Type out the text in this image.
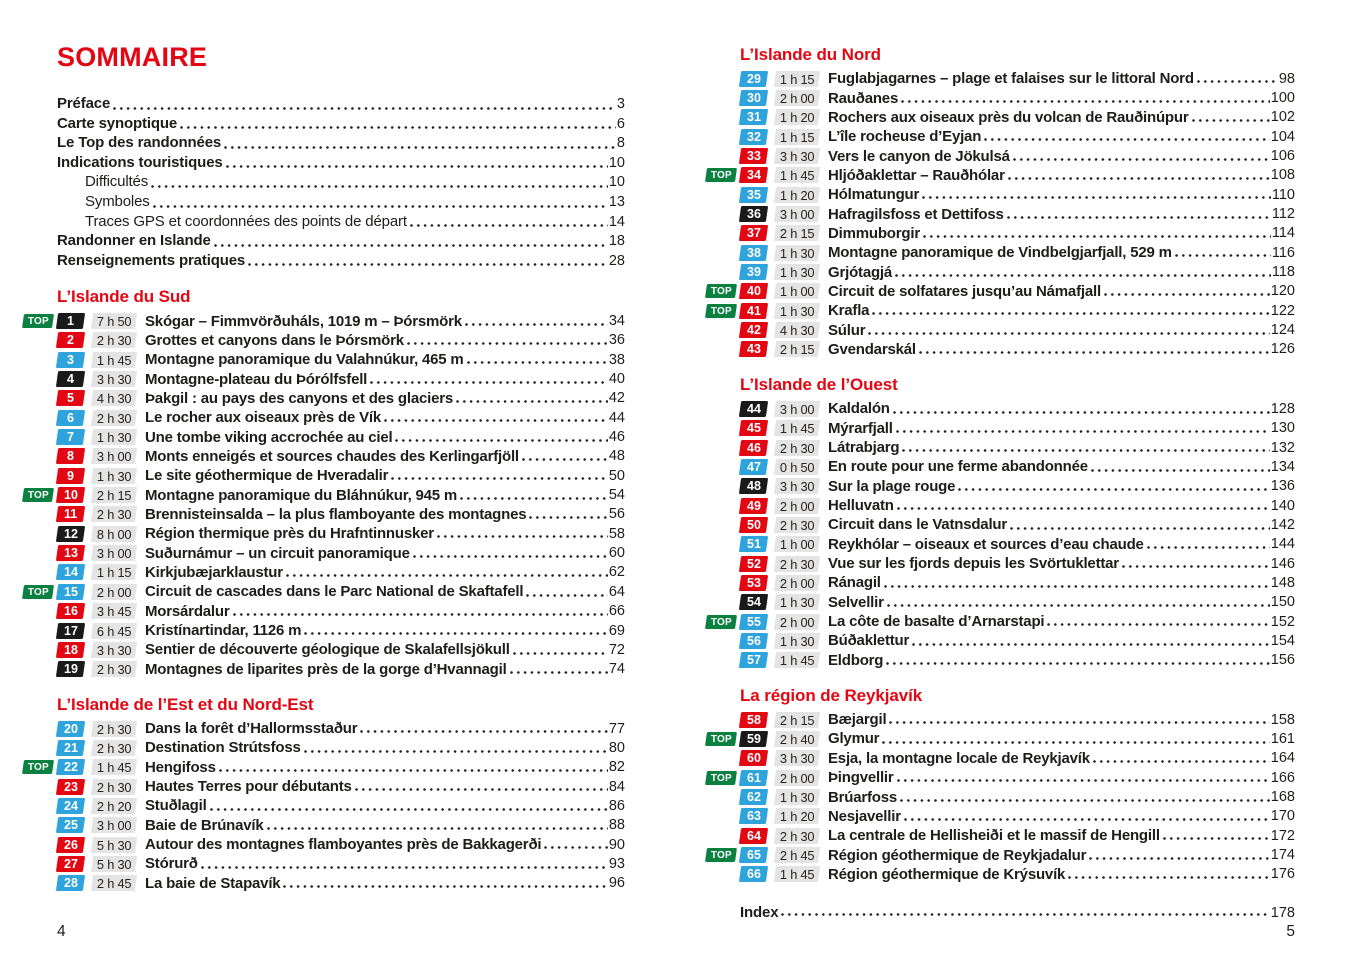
SOMMAIRE
Préface	3
Carte synoptique	6
Le Top des randonnées	8
Indications touristiques	10
Difficultés	10
Symboles	13
Traces GPS et coordonnées des points de départ	14
Randonner en Islande	18
Renseignements pratiques	28
L’Islande du Sud
TOP 1 7 h 50 Skógar – Fimmvörðuháls, 1019 m – Þórsmörk	34
2 2 h 30 Grottes et canyons dans le Þórsmörk	36
3 1 h 45 Montagne panoramique du Valahnúkur, 465 m	38
4 3 h 30 Montagne-plateau du Þórólfsfell	40
5 4 h 30 Þakgil : au pays des canyons et des glaciers	42
6 2 h 30 Le rocher aux oiseaux près de Vík	44
7 1 h 30 Une tombe viking accrochée au ciel	46
8 3 h 00 Monts enneigés et sources chaudes des Kerlingarfjöll	48
9 1 h 30 Le site géothermique de Hveradalir	50
TOP 10 2 h 15 Montagne panoramique du Bláhnúkur, 945 m	54
11 2 h 30 Brennisteinsalda – la plus flamboyante des montagnes	56
12 8 h 00 Région thermique près du Hrafntinnusker	58
13 3 h 00 Suðurnámur – un circuit panoramique	60
14 1 h 15 Kirkjubæjarklaustur	62
TOP 15 2 h 00 Circuit de cascades dans le Parc National de Skaftafell	64
16 3 h 45 Morsárdalur	66
17 6 h 45 Kristínartindar, 1126 m	69
18 3 h 30 Sentier de découverte géologique de Skalafellsjökull	72
19 2 h 30 Montagnes de liparites près de la gorge d’Hvannagil	74
L’Islande de l’Est et du Nord-Est
20 2 h 30 Dans la forêt d’Hallormsstaður	77
21 2 h 30 Destination Strútsfoss	80
TOP 22 1 h 45 Hengifoss	82
23 2 h 30 Hautes Terres pour débutants	84
24 2 h 20 Stuðlagil	86
25 3 h 00 Baie de Brúnavík	88
26 5 h 30 Autour des montagnes flamboyantes près de Bakkagerði	90
27 5 h 30 Stórurð	93
28 2 h 45 La baie de Stapavík	96
4
L’Islande du Nord
29 1 h 15 Fuglabjagarnes – plage et falaises sur le littoral Nord	98
30 2 h 00 Rauðanes	100
31 1 h 20 Rochers aux oiseaux près du volcan de Rauðinúpur	102
32 1 h 15 L’île rocheuse d’Eyjan	104
33 3 h 30 Vers le canyon de Jökulsá	106
TOP 34 1 h 45 Hljóðaklettar – Rauðhólar	108
35 1 h 20 Hólmatungur	110
36 3 h 00 Hafragilsfoss et Dettifoss	112
37 2 h 15 Dimmuborgir	114
38 1 h 30 Montagne panoramique de Vindbelgjarfjall, 529 m	116
39 1 h 30 Grjótagjá	118
TOP 40 1 h 00 Circuit de solfatares jusqu’au Námafjall	120
TOP 41 1 h 30 Krafla	122
42 4 h 30 Súlur	124
43 2 h 15 Gvendarskál	126
L’Islande de l’Ouest
44 3 h 00 Kaldalón	128
45 1 h 45 Mýrarfjall	130
46 2 h 30 Látrabjarg	132
47 0 h 50 En route pour une ferme abandonnée	134
48 3 h 30 Sur la plage rouge	136
49 2 h 00 Helluvatn	140
50 2 h 30 Circuit dans le Vatnsdalur	142
51 1 h 00 Reykhólar – oiseaux et sources d’eau chaude	144
52 2 h 30 Vue sur les fjords depuis les Svörtuklettar	146
53 2 h 00 Ránagil	148
54 1 h 30 Selvellir	150
TOP 55 2 h 00 La côte de basalte d’Arnarstapi	152
56 1 h 30 Búðaklettur	154
57 1 h 45 Eldborg	156
La région de Reykjavík
58 2 h 15 Bæjargil	158
TOP 59 2 h 40 Glymur	161
60 3 h 30 Esja, la montagne locale de Reykjavík	164
TOP 61 2 h 00 Þingvellir	166
62 1 h 30 Brúarfoss	168
63 1 h 20 Nesjavellir	170
64 2 h 30 La centrale de Hellisheiði et le massif de Hengill	172
TOP 65 2 h 45 Région géothermique de Reykjadalur	174
66 1 h 45 Région géothermique de Krýsuvík	176
Index	178
5
